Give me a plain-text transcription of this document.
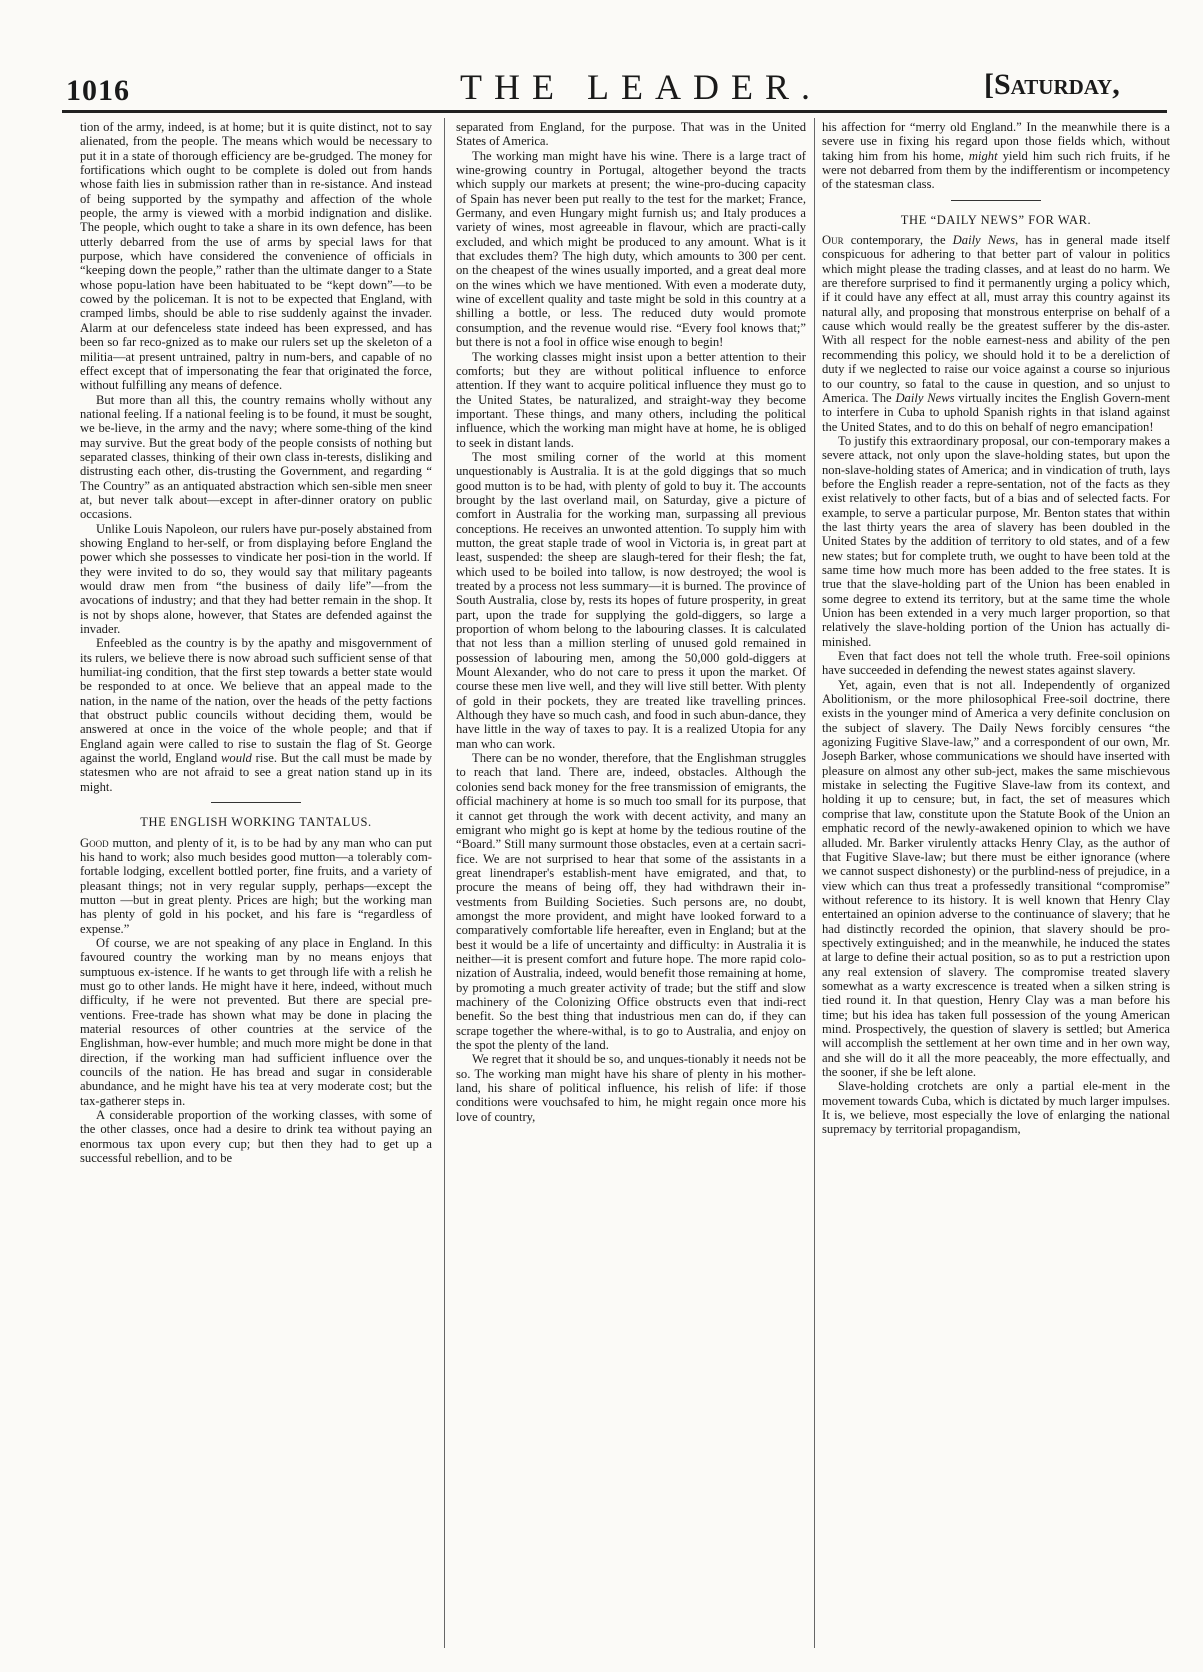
1016	THE LEADER.	[Saturday,

tion of the army, indeed, is at home; but it is quite distinct, not to say alienated, from the people. The means which would be necessary to put it in a state of thorough efficiency are be-grudged. The money for fortifications which ought to be complete is doled out from hands whose faith lies in submission rather than in re-sistance. And instead of being supported by the sympathy and affection of the whole people, the army is viewed with a morbid indignation and dislike. The people, which ought to take a share in its own defence, has been utterly debarred from the use of arms by special laws for that purpose, which have considered the convenience of officials in “keeping down the people,” rather than the ultimate danger to a State whose popu-lation have been habituated to be “kept down”—to be cowed by the policeman. It is not to be expected that England, with cramped limbs, should be able to rise suddenly against the invader. Alarm at our defenceless state indeed has been expressed, and has been so far reco-gnized as to make our rulers set up the skeleton of a militia—at present untrained, paltry in num-bers, and capable of no effect except that of impersonating the fear that originated the force, without fulfilling any means of defence.

But more than all this, the country remains wholly without any national feeling. If a national feeling is to be found, it must be sought, we be-lieve, in the army and the navy; where some-thing of the kind may survive. But the great body of the people consists of nothing but separated classes, thinking of their own class in-terests, disliking and distrusting each other, dis-trusting the Government, and regarding “ The Country” as an antiquated abstraction which sen-sible men sneer at, but never talk about—except in after-dinner oratory on public occasions.

Unlike Louis Napoleon, our rulers have pur-posely abstained from showing England to her-self, or from displaying before England the power which she possesses to vindicate her posi-tion in the world. If they were invited to do so, they would say that military pageants would draw men from “the business of daily life”—from the avocations of industry; and that they had better remain in the shop. It is not by shops alone, however, that States are defended against the invader.

Enfeebled as the country is by the apathy and misgovernment of its rulers, we believe there is now abroad such sufficient sense of that humiliat-ing condition, that the first step towards a better state would be responded to at once. We believe that an appeal made to the nation, in the name of the nation, over the heads of the petty factions that obstruct public councils without deciding them, would be answered at once in the voice of the whole people; and that if England again were called to rise to sustain the flag of St. George against the world, England would rise. But the call must be made by statesmen who are not afraid to see a great nation stand up in its might.

THE ENGLISH WORKING TANTALUS.

Good mutton, and plenty of it, is to be had by any man who can put his hand to work; also much besides good mutton—a tolerably com-fortable lodging, excellent bottled porter, fine fruits, and a variety of pleasant things; not in very regular supply, perhaps—except the mutton —but in great plenty. Prices are high; but the working man has plenty of gold in his pocket, and his fare is “regardless of expense.”

Of course, we are not speaking of any place in England. In this favoured country the working man by no means enjoys that sumptuous ex-istence. If he wants to get through life with a relish he must go to other lands. He might have it here, indeed, without much difficulty, if he were not prevented. But there are special pre-ventions. Free-trade has shown what may be done in placing the material resources of other countries at the service of the Englishman, how-ever humble; and much more might be done in that direction, if the working man had sufficient influence over the councils of the nation. He has bread and sugar in considerable abundance, and he might have his tea at very moderate cost; but the tax-gatherer steps in.

A considerable proportion of the working classes, with some of the other classes, once had a desire to drink tea without paying an enormous tax upon every cup; but then they had to get up a successful rebellion, and to be

separated from England, for the purpose. That was in the United States of America.

The working man might have his wine. There is a large tract of wine-growing country in Portugal, altogether beyond the tracts which supply our markets at present; the wine-pro-ducing capacity of Spain has never been put really to the test for the market; France, Germany, and even Hungary might furnish us; and Italy produces a variety of wines, most agreeable in flavour, which are practi-cally excluded, and which might be produced to any amount. What is it that excludes them? The high duty, which amounts to 300 per cent. on the cheapest of the wines usually imported, and a great deal more on the wines which we have mentioned. With even a moderate duty, wine of excellent quality and taste might be sold in this country at a shilling a bottle, or less. The reduced duty would promote consumption, and the revenue would rise. “Every fool knows that;” but there is not a fool in office wise enough to begin!

The working classes might insist upon a better attention to their comforts; but they are without political influence to enforce attention. If they want to acquire political influence they must go to the United States, be naturalized, and straight-way they become important. These things, and many others, including the political influence, which the working man might have at home, he is obliged to seek in distant lands.

The most smiling corner of the world at this moment unquestionably is Australia. It is at the gold diggings that so much good mutton is to be had, with plenty of gold to buy it. The accounts brought by the last overland mail, on Saturday, give a picture of comfort in Australia for the working man, surpassing all previous conceptions. He receives an unwonted attention. To supply him with mutton, the great staple trade of wool in Victoria is, in great part at least, suspended: the sheep are slaugh-tered for their flesh; the fat, which used to be boiled into tallow, is now destroyed; the wool is treated by a process not less summary—it is burned. The province of South Australia, close by, rests its hopes of future prosperity, in great part, upon the trade for supplying the gold-diggers, so large a proportion of whom belong to the labouring classes. It is calculated that not less than a million sterling of unused gold remained in possession of labouring men, among the 50,000 gold-diggers at Mount Alexander, who do not care to press it upon the market. Of course these men live well, and they will live still better. With plenty of gold in their pockets, they are treated like travelling princes. Although they have so much cash, and food in such abun-dance, they have little in the way of taxes to pay. It is a realized Utopia for any man who can work.

There can be no wonder, therefore, that the Englishman struggles to reach that land. There are, indeed, obstacles. Although the colonies send back money for the free transmission of emigrants, the official machinery at home is so much too small for its purpose, that it cannot get through the work with decent activity, and many an emigrant who might go is kept at home by the tedious routine of the “Board.” Still many surmount those obstacles, even at a certain sacri-fice. We are not surprised to hear that some of the assistants in a great linendraper's establish-ment have emigrated, and that, to procure the means of being off, they had withdrawn their in-vestments from Building Societies. Such persons are, no doubt, amongst the more provident, and might have looked forward to a comparatively comfortable life hereafter, even in England; but at the best it would be a life of uncertainty and difficulty: in Australia it is neither—it is present comfort and future hope. The more rapid colo-nization of Australia, indeed, would benefit those remaining at home, by promoting a much greater activity of trade; but the stiff and slow machinery of the Colonizing Office obstructs even that indi-rect benefit. So the best thing that industrious men can do, if they can scrape together the where-withal, is to go to Australia, and enjoy on the spot the plenty of the land.

We regret that it should be so, and unques-tionably it needs not be so. The working man might have his share of plenty in his mother-land, his share of political influence, his relish of life: if those conditions were vouchsafed to him, he might regain once more his love of country,

his affection for “merry old England.” In the meanwhile there is a severe use in fixing his regard upon those fields which, without taking him from his home, might yield him such rich fruits, if he were not debarred from them by the indifferentism or incompetency of the statesman class.

THE “DAILY NEWS” FOR WAR.

Our contemporary, the Daily News, has in general made itself conspicuous for adhering to that better part of valour in politics which might please the trading classes, and at least do no harm. We are therefore surprised to find it permanently urging a policy which, if it could have any effect at all, must array this country against its natural ally, and proposing that monstrous enterprise on behalf of a cause which would really be the greatest sufferer by the dis-aster. With all respect for the noble earnest-ness and ability of the pen recommending this policy, we should hold it to be a dereliction of duty if we neglected to raise our voice against a course so injurious to our country, so fatal to the cause in question, and so unjust to America. The Daily News virtually incites the English Govern-ment to interfere in Cuba to uphold Spanish rights in that island against the United States, and to do this on behalf of negro emancipation!

To justify this extraordinary proposal, our con-temporary makes a severe attack, not only upon the slave-holding states, but upon the non-slave-holding states of America; and in vindication of truth, lays before the English reader a repre-sentation, not of the facts as they exist relatively to other facts, but of a bias and of selected facts. For example, to serve a particular purpose, Mr. Benton states that within the last thirty years the area of slavery has been doubled in the United States by the addition of territory to old states, and of a few new states; but for complete truth, we ought to have been told at the same time how much more has been added to the free states. It is true that the slave-holding part of the Union has been enabled in some degree to extend its territory, but at the same time the whole Union has been extended in a very much larger proportion, so that relatively the slave-holding portion of the Union has actually di-minished.

Even that fact does not tell the whole truth. Free-soil opinions have succeeded in defending the newest states against slavery.

Yet, again, even that is not all. Independently of organized Abolitionism, or the more philosophical Free-soil doctrine, there exists in the younger mind of America a very definite conclusion on the subject of slavery. The Daily News forcibly censures “the agonizing Fugitive Slave-law,” and a correspondent of our own, Mr. Joseph Barker, whose communications we should have inserted with pleasure on almost any other sub-ject, makes the same mischievous mistake in selecting the Fugitive Slave-law from its context, and holding it up to censure; but, in fact, the set of measures which comprise that law, constitute upon the Statute Book of the Union an emphatic record of the newly-awakened opinion to which we have alluded. Mr. Barker virulently attacks Henry Clay, as the author of that Fugitive Slave-law; but there must be either ignorance (where we cannot suspect dishonesty) or the purblind-ness of prejudice, in a view which can thus treat a professedly transitional “compromise” without reference to its history. It is well known that Henry Clay entertained an opinion adverse to the continuance of slavery; that he had distinctly recorded the opinion, that slavery should be pro-spectively extinguished; and in the meanwhile, he induced the states at large to define their actual position, so as to put a restriction upon any real extension of slavery. The compromise treated slavery somewhat as a warty excrescence is treated when a silken string is tied round it. In that question, Henry Clay was a man before his time; but his idea has taken full possession of the young American mind. Prospectively, the question of slavery is settled; but America will accomplish the settlement at her own time and in her own way, and she will do it all the more peaceably, the more effectually, and the sooner, if she be left alone.

Slave-holding crotchets are only a partial ele-ment in the movement towards Cuba, which is dictated by much larger impulses. It is, we believe, most especially the love of enlarging the national supremacy by territorial propagandism,
